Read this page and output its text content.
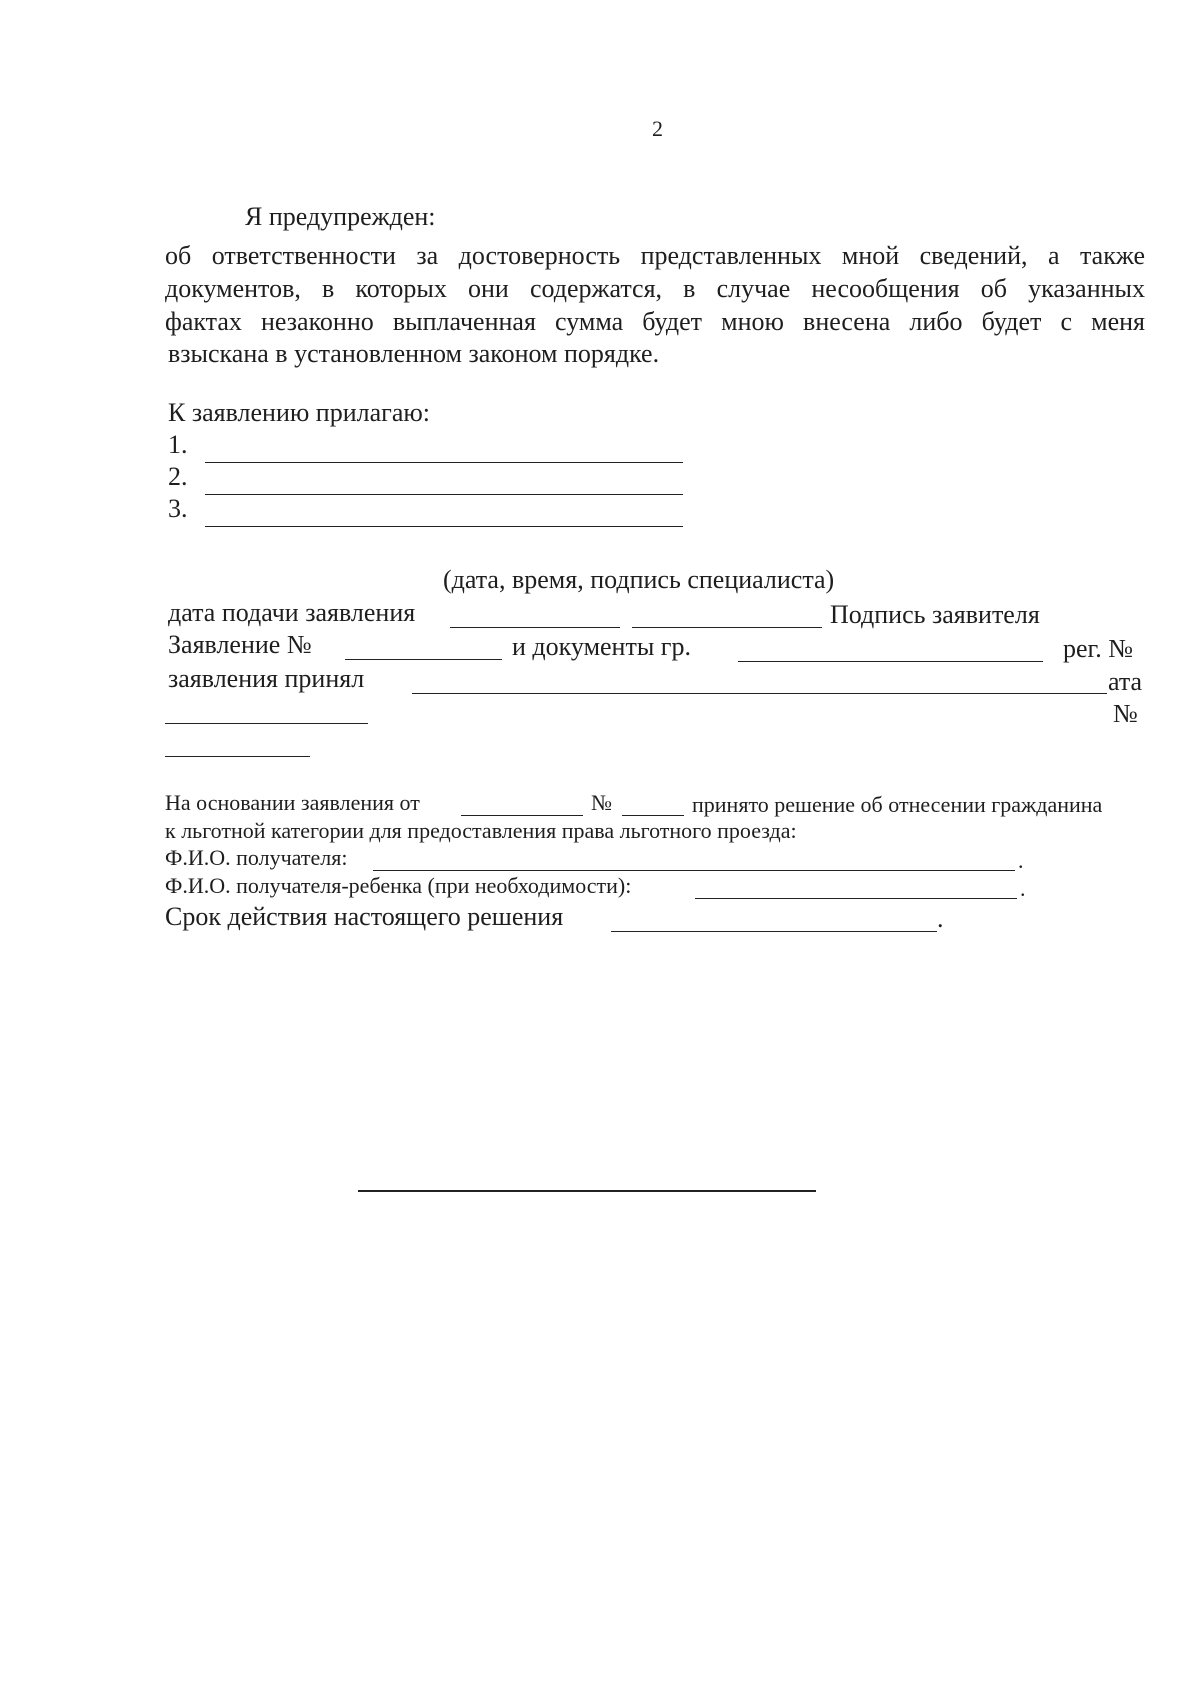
2
Я предупрежден:
об ответственности за достоверность представленных мной сведений, а также
документов, в которых они содержатся, в случае несообщения об указанных
фактах незаконно выплаченная сумма будет мною внесена либо будет с меня
взыскана в установленном законом порядке.
К заявлению прилагаю:
1.
2.
3.
(дата, время, подпись специалиста)
дата подачи заявления	Подпись заявителя
Заявление №	и документы гр.	рег. №
заявления принял	ата
№
На основании заявления от	№	принято решение об отнесении гражданина
к льготной категории для предоставления права льготного проезда:
Ф.И.О. получателя:	.
Ф.И.О. получателя-ребенка (при необходимости):	.
Срок действия настоящего решения	.
